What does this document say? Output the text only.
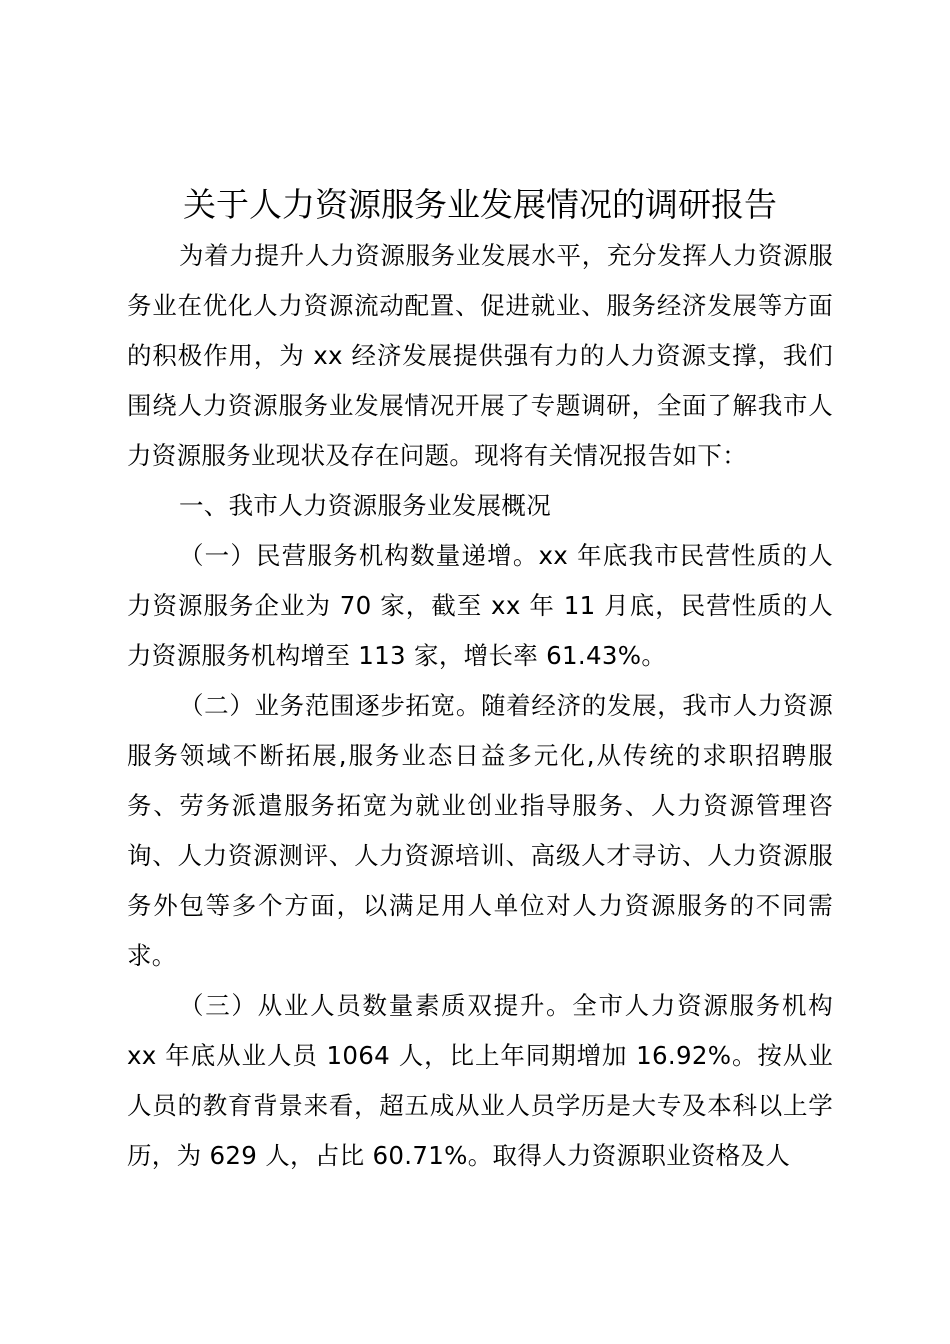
关于人力资源服务业发展情况的调研报告

为着力提升人力资源服务业发展水平，充分发挥人力资源服务业在优化人力资源流动配置、促进就业、服务经济发展等方面的积极作用，为 xx 经济发展提供强有力的人力资源支撑，我们围绕人力资源服务业发展情况开展了专题调研，全面了解我市人力资源服务业现状及存在问题。现将有关情况报告如下：

一、我市人力资源服务业发展概况

（一）民营服务机构数量递增。xx 年底我市民营性质的人力资源服务企业为 70 家，截至 xx 年 11 月底，民营性质的人力资源服务机构增至 113 家，增长率 61.43%。

（二）业务范围逐步拓宽。随着经济的发展，我市人力资源服务领域不断拓展,服务业态日益多元化,从传统的求职招聘服务、劳务派遣服务拓宽为就业创业指导服务、人力资源管理咨询、人力资源测评、人力资源培训、高级人才寻访、人力资源服务外包等多个方面，以满足用人单位对人力资源服务的不同需求。

（三）从业人员数量素质双提升。全市人力资源服务机构 xx 年底从业人员 1064 人，比上年同期增加 16.92%。按从业人员的教育背景来看，超五成从业人员学历是大专及本科以上学历，为 629 人，占比 60.71%。取得人力资源职业资格及人
